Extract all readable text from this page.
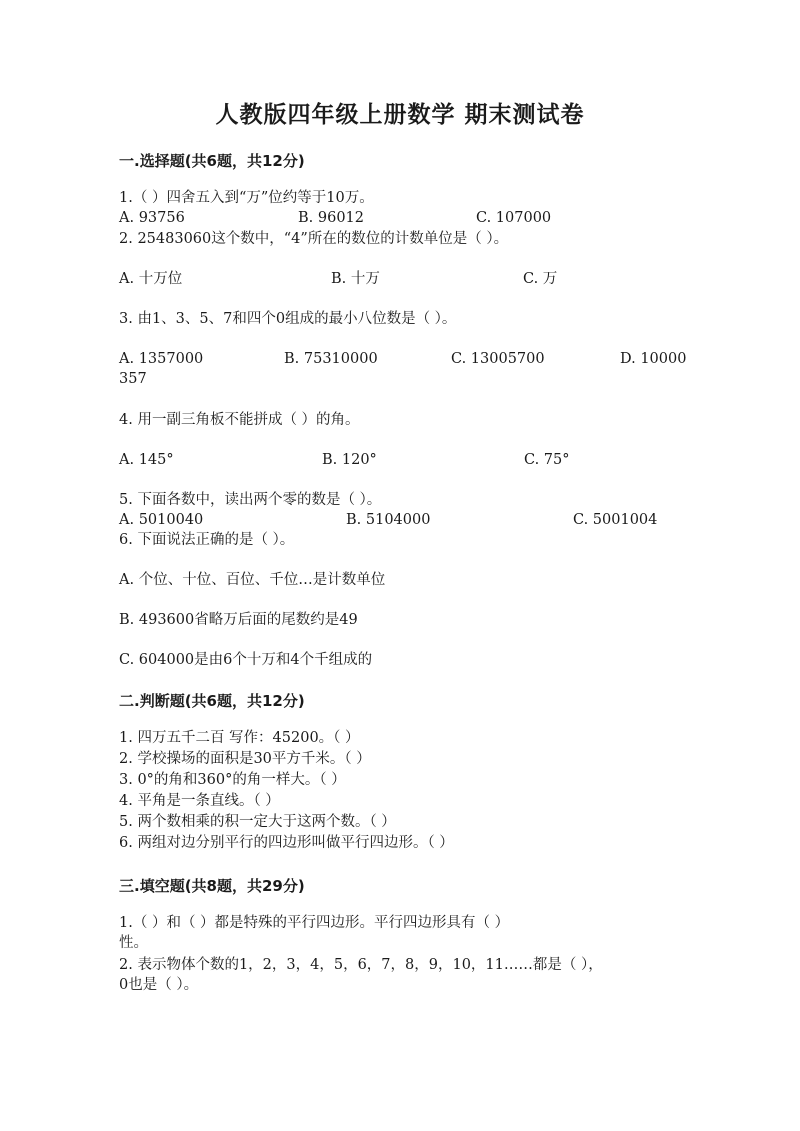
人教版四年级上册数学 期末测试卷
一.选择题(共6题，共12分)
1.（ ）四舍五入到“万”位约等于10万。
A. 93756	B. 96012	C. 107000
2. 25483060这个数中，“4”所在的数位的计数单位是（ ）。
A. 十万位	B. 十万	C. 万
3. 由1、3、5、7和四个0组成的最小八位数是（ ）。
A. 1357000	B. 75310000	C. 13005700	D. 10000
357
4. 用一副三角板不能拼成（ ）的角。
A. 145°	B. 120°	C. 75°
5. 下面各数中，读出两个零的数是（ ）。
A. 5010040	B. 5104000	C. 5001004
6. 下面说法正确的是（ ）。
A. 个位、十位、百位、千位…是计数单位
B. 493600省略万后面的尾数约是49
C. 604000是由6个十万和4个千组成的
二.判断题(共6题，共12分)
1. 四万五千二百 写作：45200。（ ）
2. 学校操场的面积是30平方千米。（ ）
3. 0°的角和360°的角一样大。（ ）
4. 平角是一条直线。（ ）
5. 两个数相乘的积一定大于这两个数。（ ）
6. 两组对边分别平行的四边形叫做平行四边形。（ ）
三.填空题(共8题，共29分)
1.（ ）和（ ）都是特殊的平行四边形。平行四边形具有（ ）
性。
2. 表示物体个数的1，2，3，4，5，6，7，8，9，10，11……都是（ ），
0也是（ ）。
